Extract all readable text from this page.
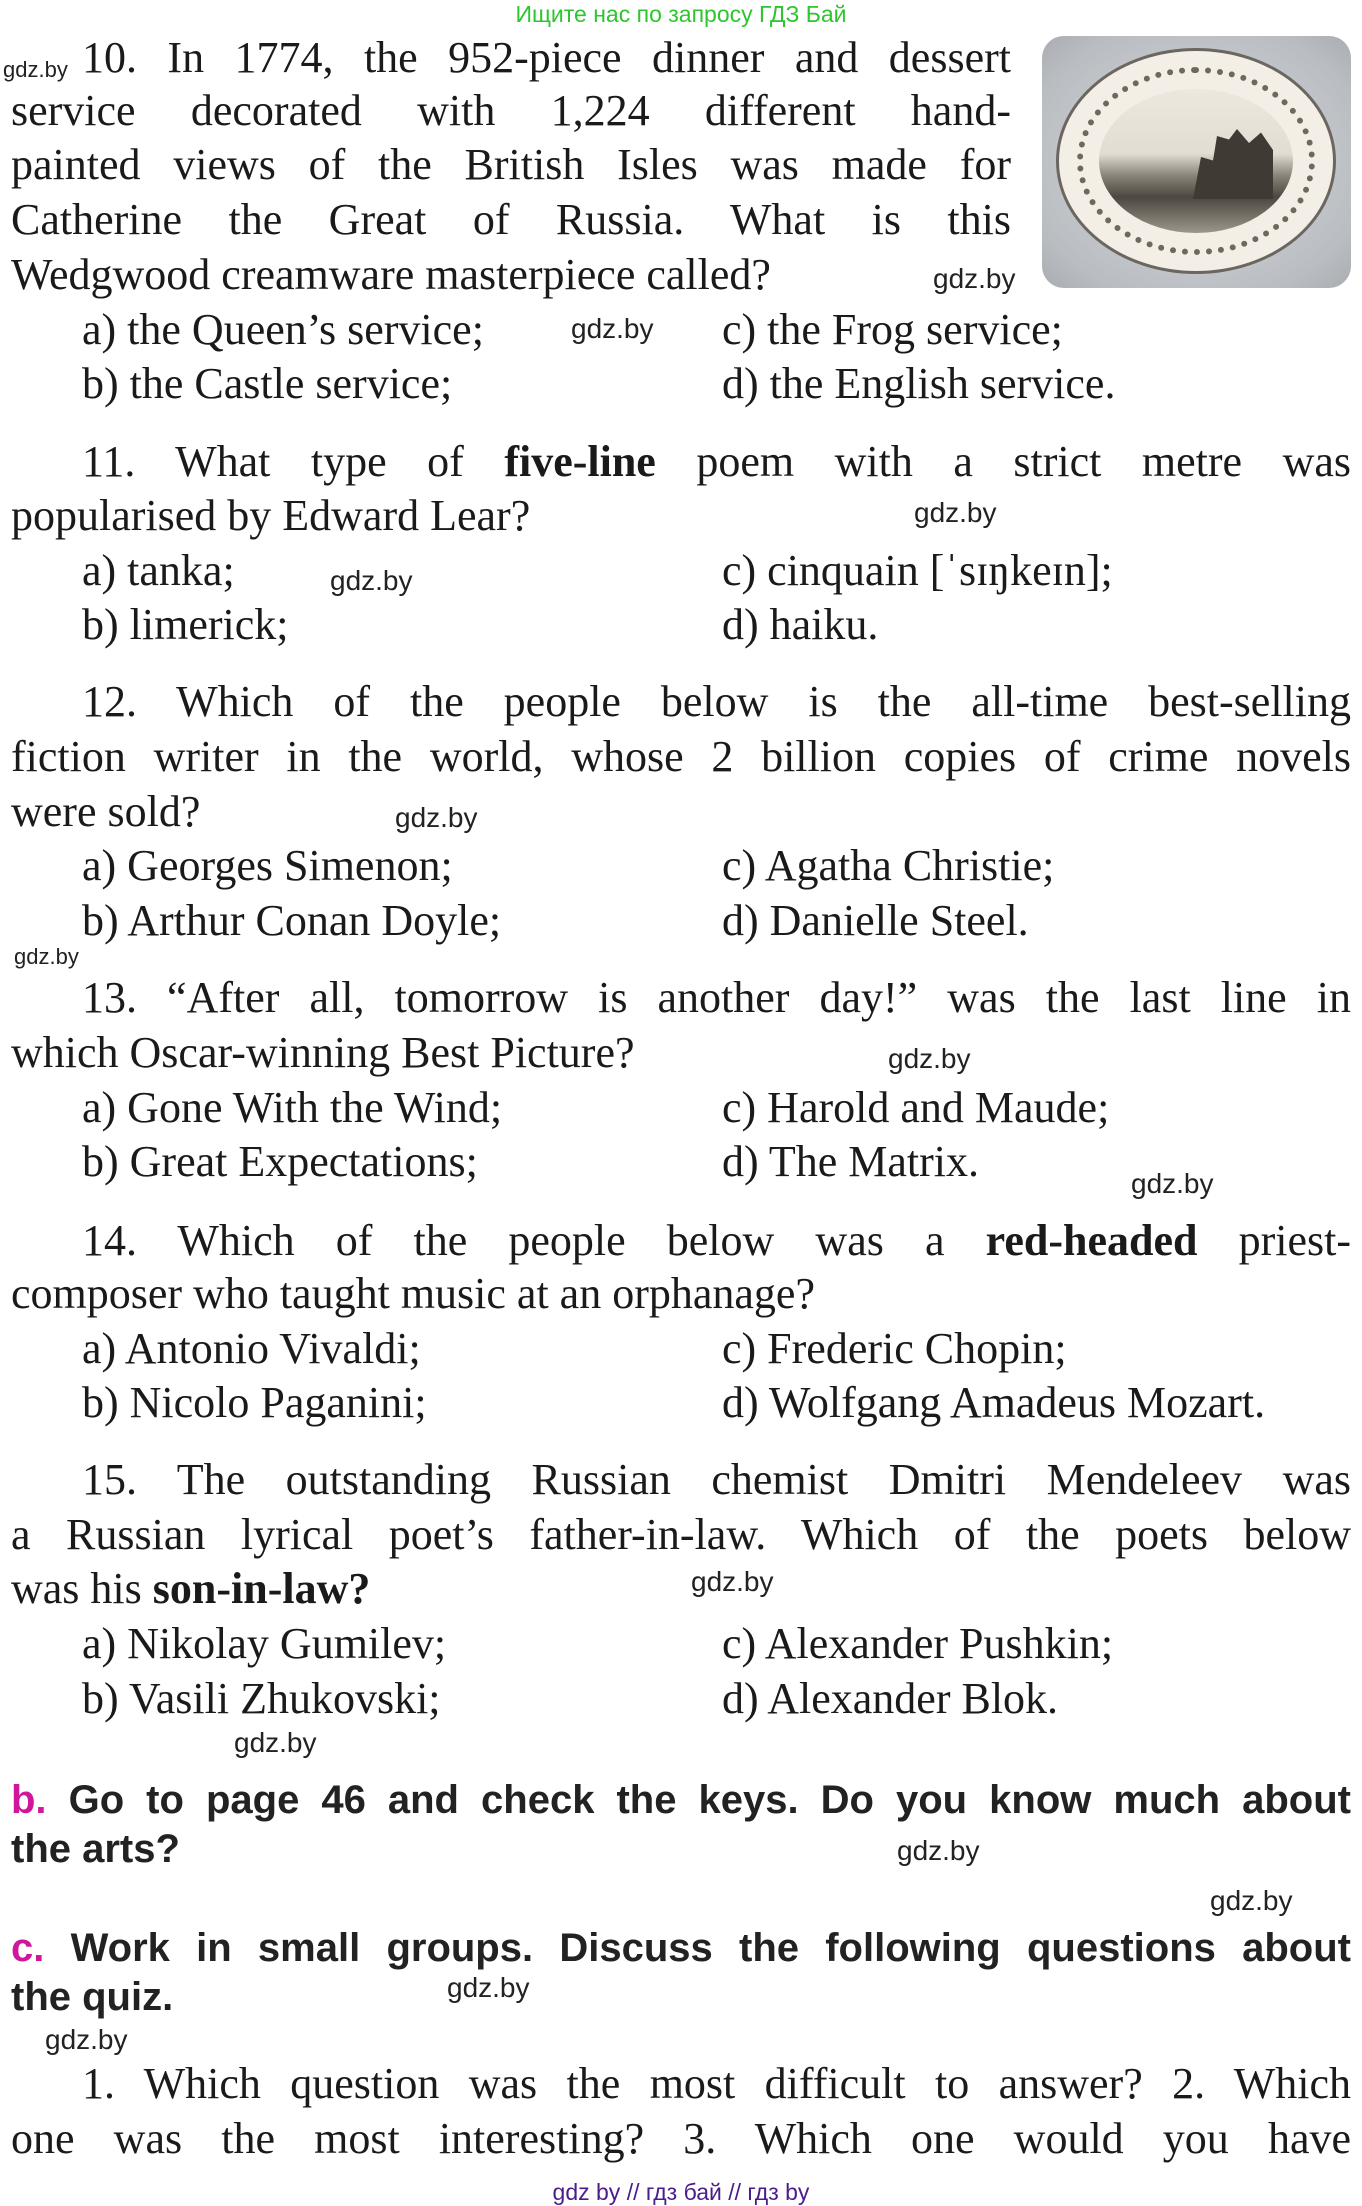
Ищите нас по запросу ГДЗ Бай
10. In 1774, the 952-piece dinner and dessert
service decorated with 1,224 different hand-
painted views of the British Isles was made for
Catherine the Great of Russia. What is this
Wedgwood creamware masterpiece called?
a) the Queen’s service;
b) the Castle service;
c) the Frog service;
d) the English service.
11. What type of five-line poem with a strict metre was
popularised by Edward Lear?
a) tanka;
b) limerick;
c) cinquain [ˈsɪŋkeɪn];
d) haiku.
12. Which of the people below is the all-time best-selling
fiction writer in the world, whose 2 billion copies of crime novels
were sold?
a) Georges Simenon;
b) Arthur Conan Doyle;
c) Agatha Christie;
d) Danielle Steel.
13. “After all, tomorrow is another day!” was the last line in
which Oscar-winning Best Picture?
a) Gone With the Wind;
b) Great Expectations;
c) Harold and Maude;
d) The Matrix.
14. Which of the people below was a red-headed priest-
composer who taught music at an orphanage?
a) Antonio Vivaldi;
b) Nicolo Paganini;
c) Frederic Chopin;
d) Wolfgang Amadeus Mozart.
15. The outstanding Russian chemist Dmitri Mendeleev was
a Russian lyrical poet’s father-in-law. Which of the poets below
was his son-in-law?
a) Nikolay Gumilev;
b) Vasili Zhukovski;
c) Alexander Pushkin;
d) Alexander Blok.
b. Go to page 46 and check the keys. Do you know much about
the arts?
c. Work in small groups. Discuss the following questions about
the quiz.
1. Which question was the most difficult to answer? 2. Which
one was the most interesting? 3. Which one would you have
gdz.by
gdz.by
gdz.by
gdz.by
gdz.by
gdz.by
gdz.by
gdz.by
gdz.by
gdz.by
gdz.by
gdz.by
gdz.by
gdz.by
gdz.by
gdz by // гдз бай // гдз by
